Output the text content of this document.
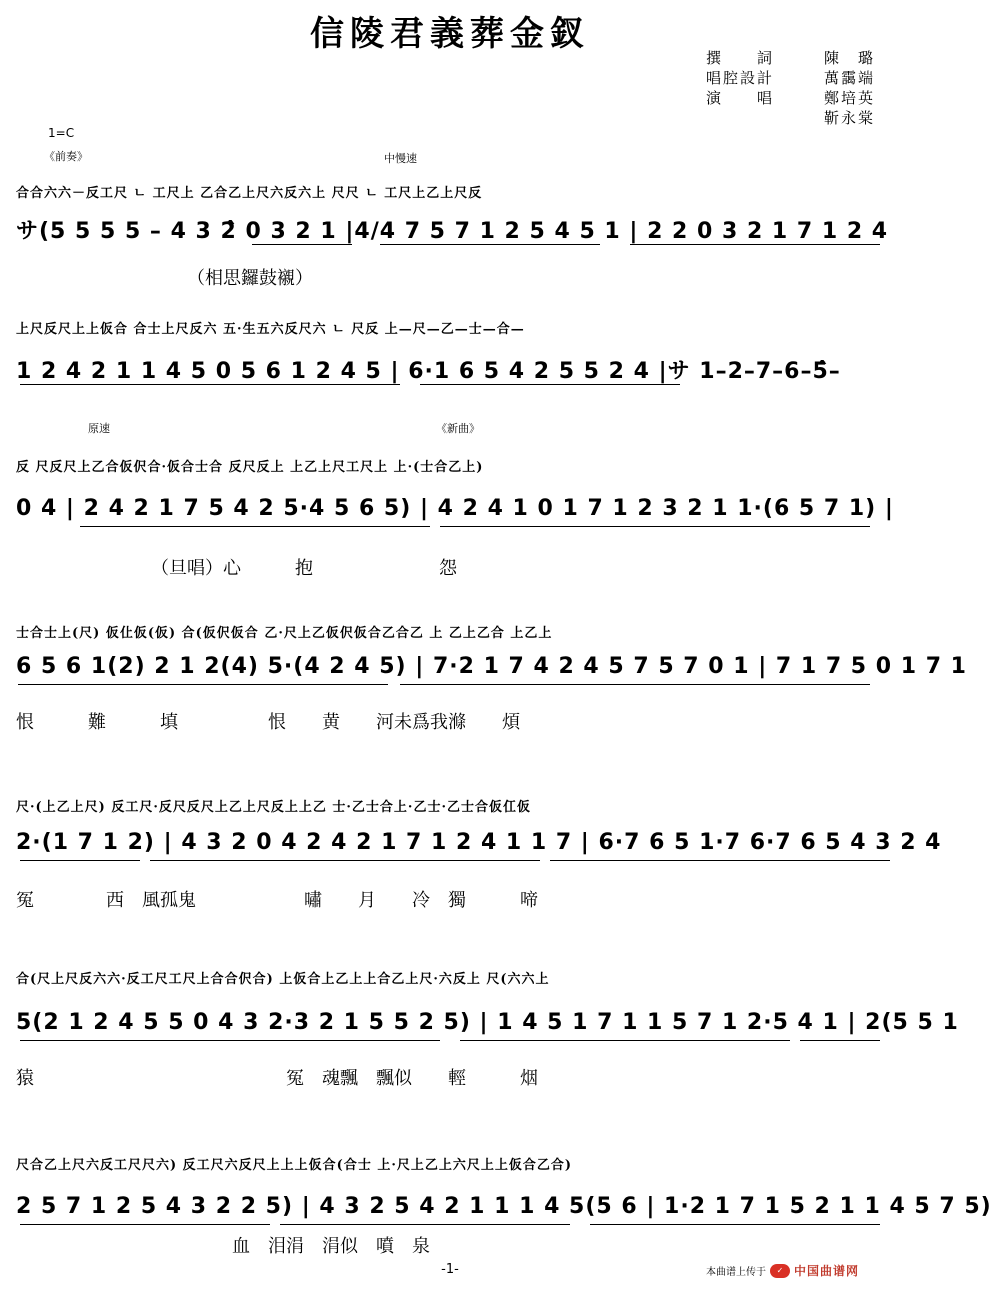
信陵君義葬金釵
撰　　詞	陳　璐
唱腔設計	萬靄端
演　　唱	鄭培英
靳永棠
1=C
《前奏》	中慢速
合合六六－反工尺 ㄴ 工尺上 乙合乙上尺六反六上 尺尺 ㄴ 工尺上乙上尺反
サ(5 5 5 5 – 4 3 2̂ 0 3 2 1 |4/4 7 5 7 1 2 5 4 5 1 | 2 2 0 3 2 1 7 1 2 4
　　　　　　　　　　（相思鑼鼓襯）
上尺反尺上上仮合 合士上尺反六 五·生五六反尺六 ㄴ 尺反 上—尺—乙—士—合—
1 2 4 2 1 1 4 5 0 5 6 1 2 4 5 | 6·1 6 5 4 2 5 5 2 4 |サ 1–2–7–6–5̂–
原速	《新曲》
反 尺反尺上乙合仮伬合·仮合士合 反尺反上 上乙上尺工尺上 上·(士合乙上)
0 4 | 2 4 2 1 7 5 4 2 5·4 5 6 5) | 4 2 4 1 0 1 7 1 2 3 2 1 1·(6 5 7 1) |
　　　　　　　　（旦唱）心　　　抱　　　　　　　怨
士合士上(尺) 仮仩仮(仮) 合(仮伬仮合 乙·尺上乙仮伬仮合乙合乙 上 乙上乙合 上乙上
6 5 6 1(2) 2 1 2(4) 5·(4 2 4 5) | 7·2 1 7 4 2 4 5 7 5 7 0 1 | 7 1 7 5 0 1 7 1
恨　　　難　　　填　　　　　恨　　黄　　河未爲我滌　　煩
尺·(上乙上尺) 反工尺·反尺反尺上乙上尺反上上乙 士·乙士合上·乙士·乙士合仮仜仮
2·(1 7 1 2) | 4 3 2 0 4 2 4 2 1 7 1 2 4 1 1 7 | 6·7 6 5 1·7 6·7 6 5 4 3 2 4
冤　　　　西　風孤鬼　　　　　　嘯　　月　　冷　獨　　　啼
合(尺上尺反六六·反工尺工尺上合合伬合) 上仮合上乙上上合乙上尺·六反上 尺(六六上
5(2 1 2 4 5 5 0 4 3 2·3 2 1 5 5 2 5) | 1 4 5 1 7 1 1 5 7 1 2·5 4 1 | 2(5 5 1
猿　　　　　　　　　　　　　　冤　魂飄　飄似　　輕　　　烟
尺合乙上尺六反工尺尺六) 反工尺六反尺上上上仮合(合士 上·尺上乙上六尺上上仮合乙合)
2 5 7 1 2 5 4 3 2 2 5) | 4 3 2 5 4 2 1 1 1 4 5(5 6 | 1·2 1 7 1 5 2 1 1 4 5 7 5)
　　　　　　　　　　　　血　泪涓　涓似　噴　泉
-1-	本曲谱上传于	✓ 中国曲谱网
